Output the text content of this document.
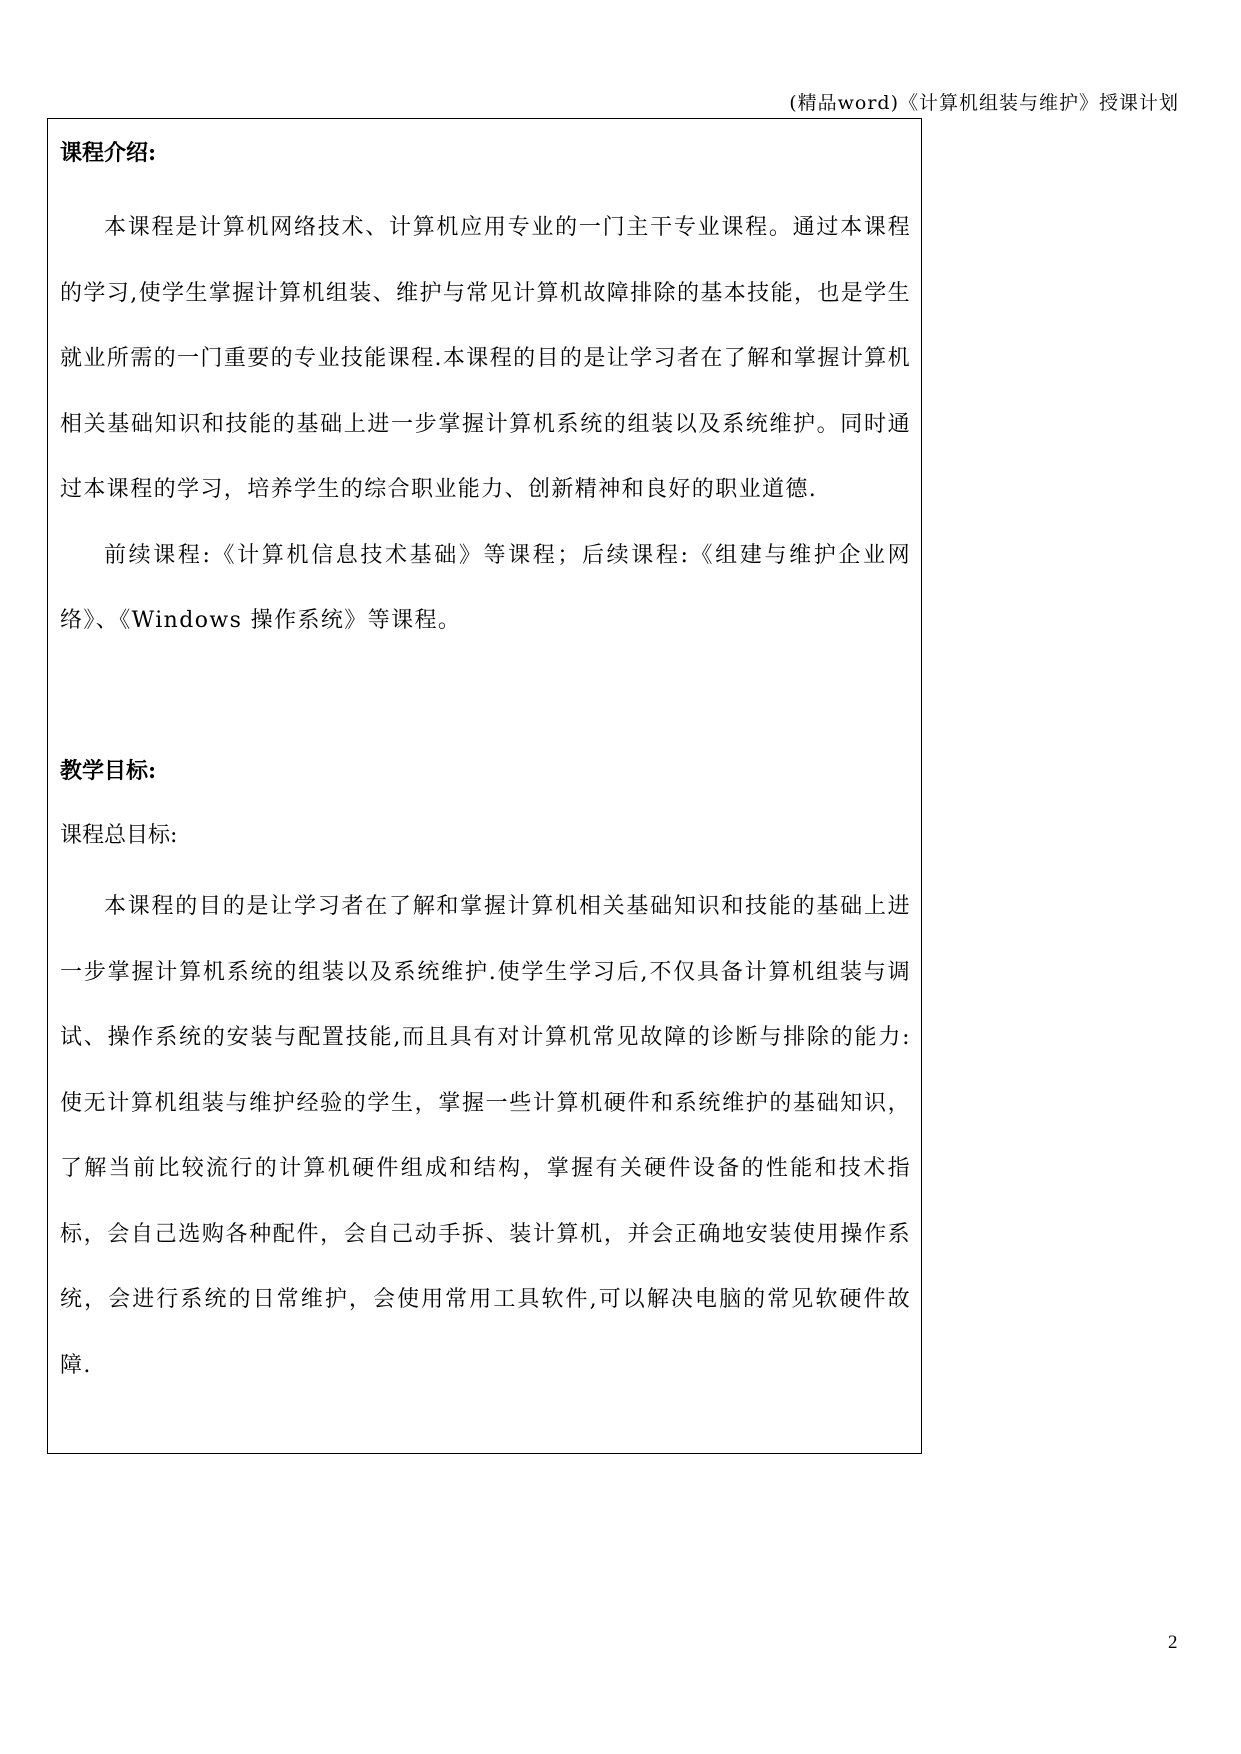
(精品word)《计算机组装与维护》授课计划

课程介绍:

本课程是计算机网络技术、计算机应用专业的一门主干专业课程。通过本课程的学习,使学生掌握计算机组装、维护与常见计算机故障排除的基本技能，也是学生就业所需的一门重要的专业技能课程.本课程的目的是让学习者在了解和掌握计算机相关基础知识和技能的基础上进一步掌握计算机系统的组装以及系统维护。同时通过本课程的学习，培养学生的综合职业能力、创新精神和良好的职业道德.

前续课程:《计算机信息技术基础》等课程；后续课程:《组建与维护企业网络》、《Windows 操作系统》等课程。

教学目标:

课程总目标:

本课程的目的是让学习者在了解和掌握计算机相关基础知识和技能的基础上进一步掌握计算机系统的组装以及系统维护.使学生学习后,不仅具备计算机组装与调试、操作系统的安装与配置技能,而且具有对计算机常见故障的诊断与排除的能力:使无计算机组装与维护经验的学生，掌握一些计算机硬件和系统维护的基础知识，了解当前比较流行的计算机硬件组成和结构，掌握有关硬件设备的性能和技术指标，会自己选购各种配件，会自己动手拆、装计算机，并会正确地安装使用操作系统，会进行系统的日常维护，会使用常用工具软件,可以解决电脑的常见软硬件故障.

2
